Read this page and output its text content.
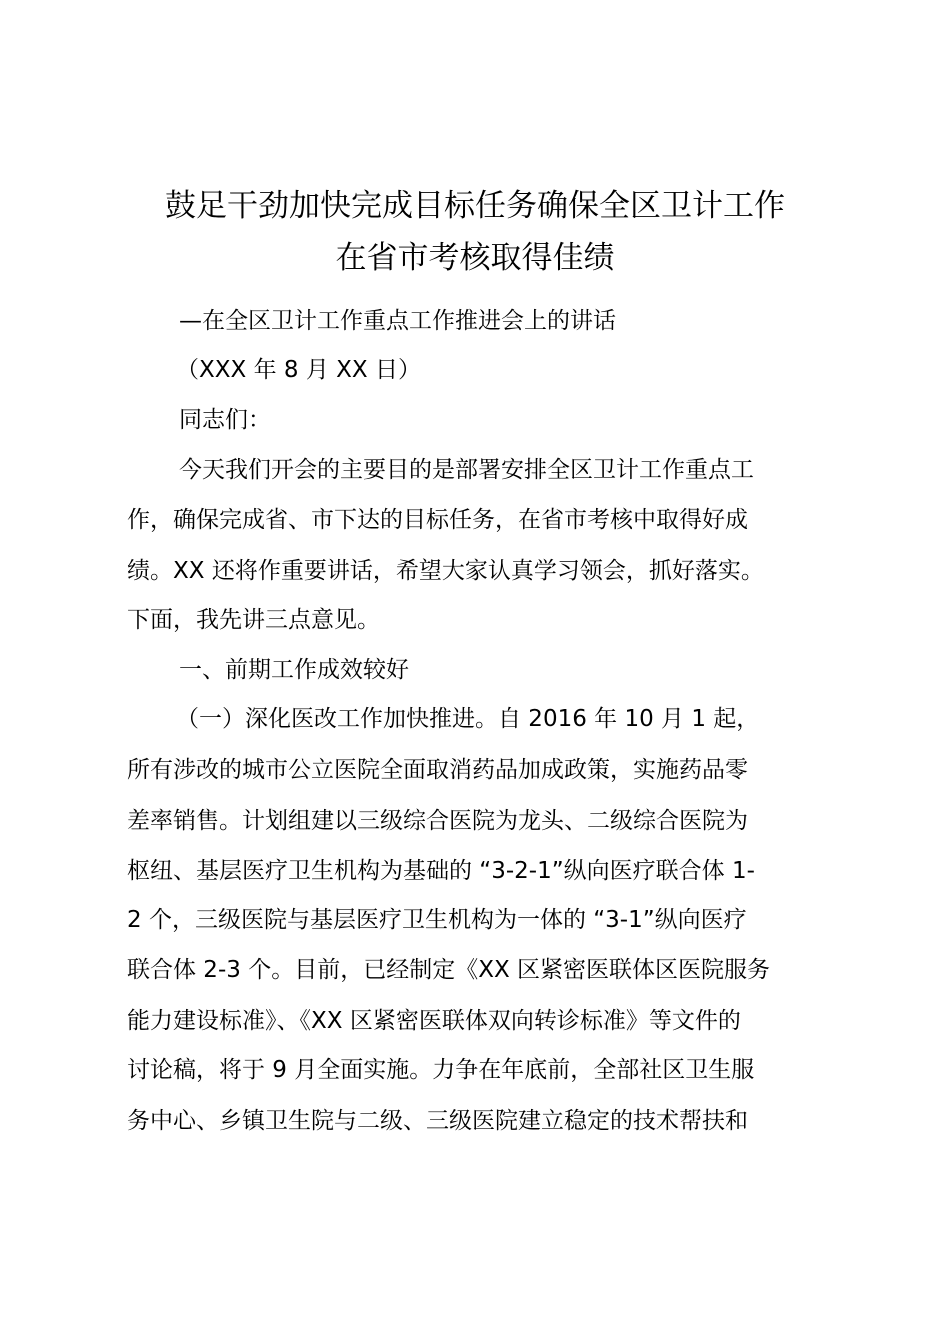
鼓足干劲加快完成目标任务确保全区卫计工作
在省市考核取得佳绩
—在全区卫计工作重点工作推进会上的讲话
（XXX 年 8 月 XX 日）
同志们：
今天我们开会的主要目的是部署安排全区卫计工作重点工
作，确保完成省、市下达的目标任务，在省市考核中取得好成
绩。XX 还将作重要讲话，希望大家认真学习领会，抓好落实。
下面，我先讲三点意见。
一、前期工作成效较好
（一）深化医改工作加快推进。自 2016 年 10 月 1 起，
所有涉改的城市公立医院全面取消药品加成政策，实施药品零
差率销售。计划组建以三级综合医院为龙头、二级综合医院为
枢纽、基层医疗卫生机构为基础的 “3-2-1”纵向医疗联合体 1-
2 个，三级医院与基层医疗卫生机构为一体的 “3-1”纵向医疗
联合体 2-3 个。目前，已经制定《XX 区紧密医联体区医院服务
能力建设标准》、《XX 区紧密医联体双向转诊标准》等文件的
讨论稿，将于 9 月全面实施。力争在年底前，全部社区卫生服
务中心、乡镇卫生院与二级、三级医院建立稳定的技术帮扶和
